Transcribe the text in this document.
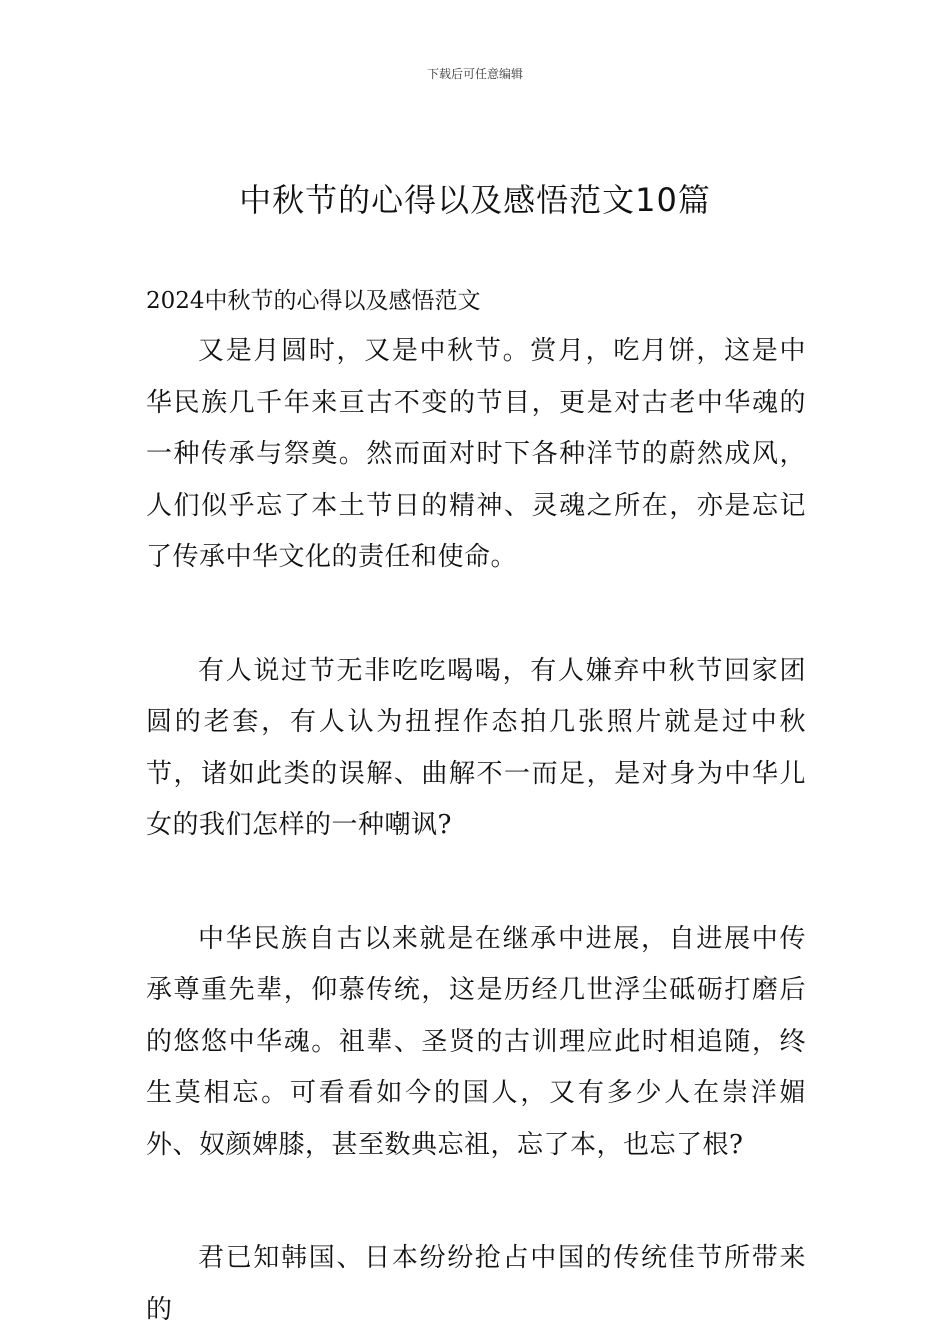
下载后可任意编辑
中秋节的心得以及感悟范文10篇

2024中秋节的心得以及感悟范文

又是月圆时，又是中秋节。赏月，吃月饼，这是中华民族几千年来亘古不变的节目，更是对古老中华魂的一种传承与祭奠。然而面对时下各种洋节的蔚然成风，人们似乎忘了本土节日的精神、灵魂之所在，亦是忘记了传承中华文化的责任和使命。

有人说过节无非吃吃喝喝，有人嫌弃中秋节回家团圆的老套，有人认为扭捏作态拍几张照片就是过中秋节，诸如此类的误解、曲解不一而足，是对身为中华儿女的我们怎样的一种嘲讽?

中华民族自古以来就是在继承中进展，自进展中传承尊重先辈，仰慕传统，这是历经几世浮尘砥砺打磨后的悠悠中华魂。祖辈、圣贤的古训理应此时相追随，终生莫相忘。可看看如今的国人，又有多少人在崇洋媚外、奴颜婢膝，甚至数典忘祖，忘了本，也忘了根?

君已知韩国、日本纷纷抢占中国的传统佳节所带来的
